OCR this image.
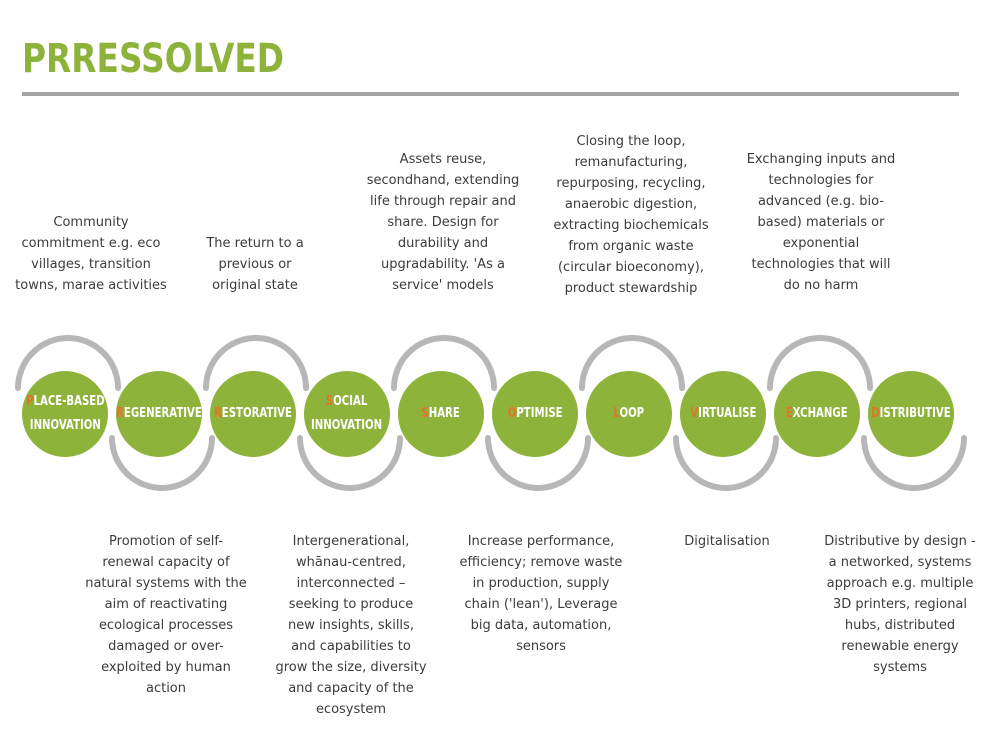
PRRESSOLVED
Community
commitment e.g. eco
villages, transition
towns, marae activities
The return to a
previous or
original state
Assets reuse,
secondhand, extending
life through repair and
share. Design for
durability and
upgradability. 'As a
service' models
Closing the loop,
remanufacturing,
repurposing, recycling,
anaerobic digestion,
extracting biochemicals
from organic waste
(circular bioeconomy),
product stewardship
Exchanging inputs and
technologies for
advanced (e.g. bio-
based) materials or
exponential
technologies that will
do no harm
Promotion of self-
renewal capacity of
natural systems with the
aim of reactivating
ecological processes
damaged or over-
exploited by human
action
Intergenerational,
whānau-centred,
interconnected –
seeking to produce
new insights, skills,
and capabilities to
grow the size, diversity
and capacity of the
ecosystem
Increase performance,
efficiency; remove waste
in production, supply
chain ('lean'), Leverage
big data, automation,
sensors
Digitalisation	Distributive by design -
a networked, systems
approach e.g. multiple
3D printers, regional
hubs, distributed
renewable energy
systems
PLACE-BASED
INNOVATION
REGENERATIVE RESTORATIVE
SOCIAL
INNOVATION
SHARE	OPTIMISE	LOOP	VIRTUALISE EXCHANGE DISTRIBUTIVE
